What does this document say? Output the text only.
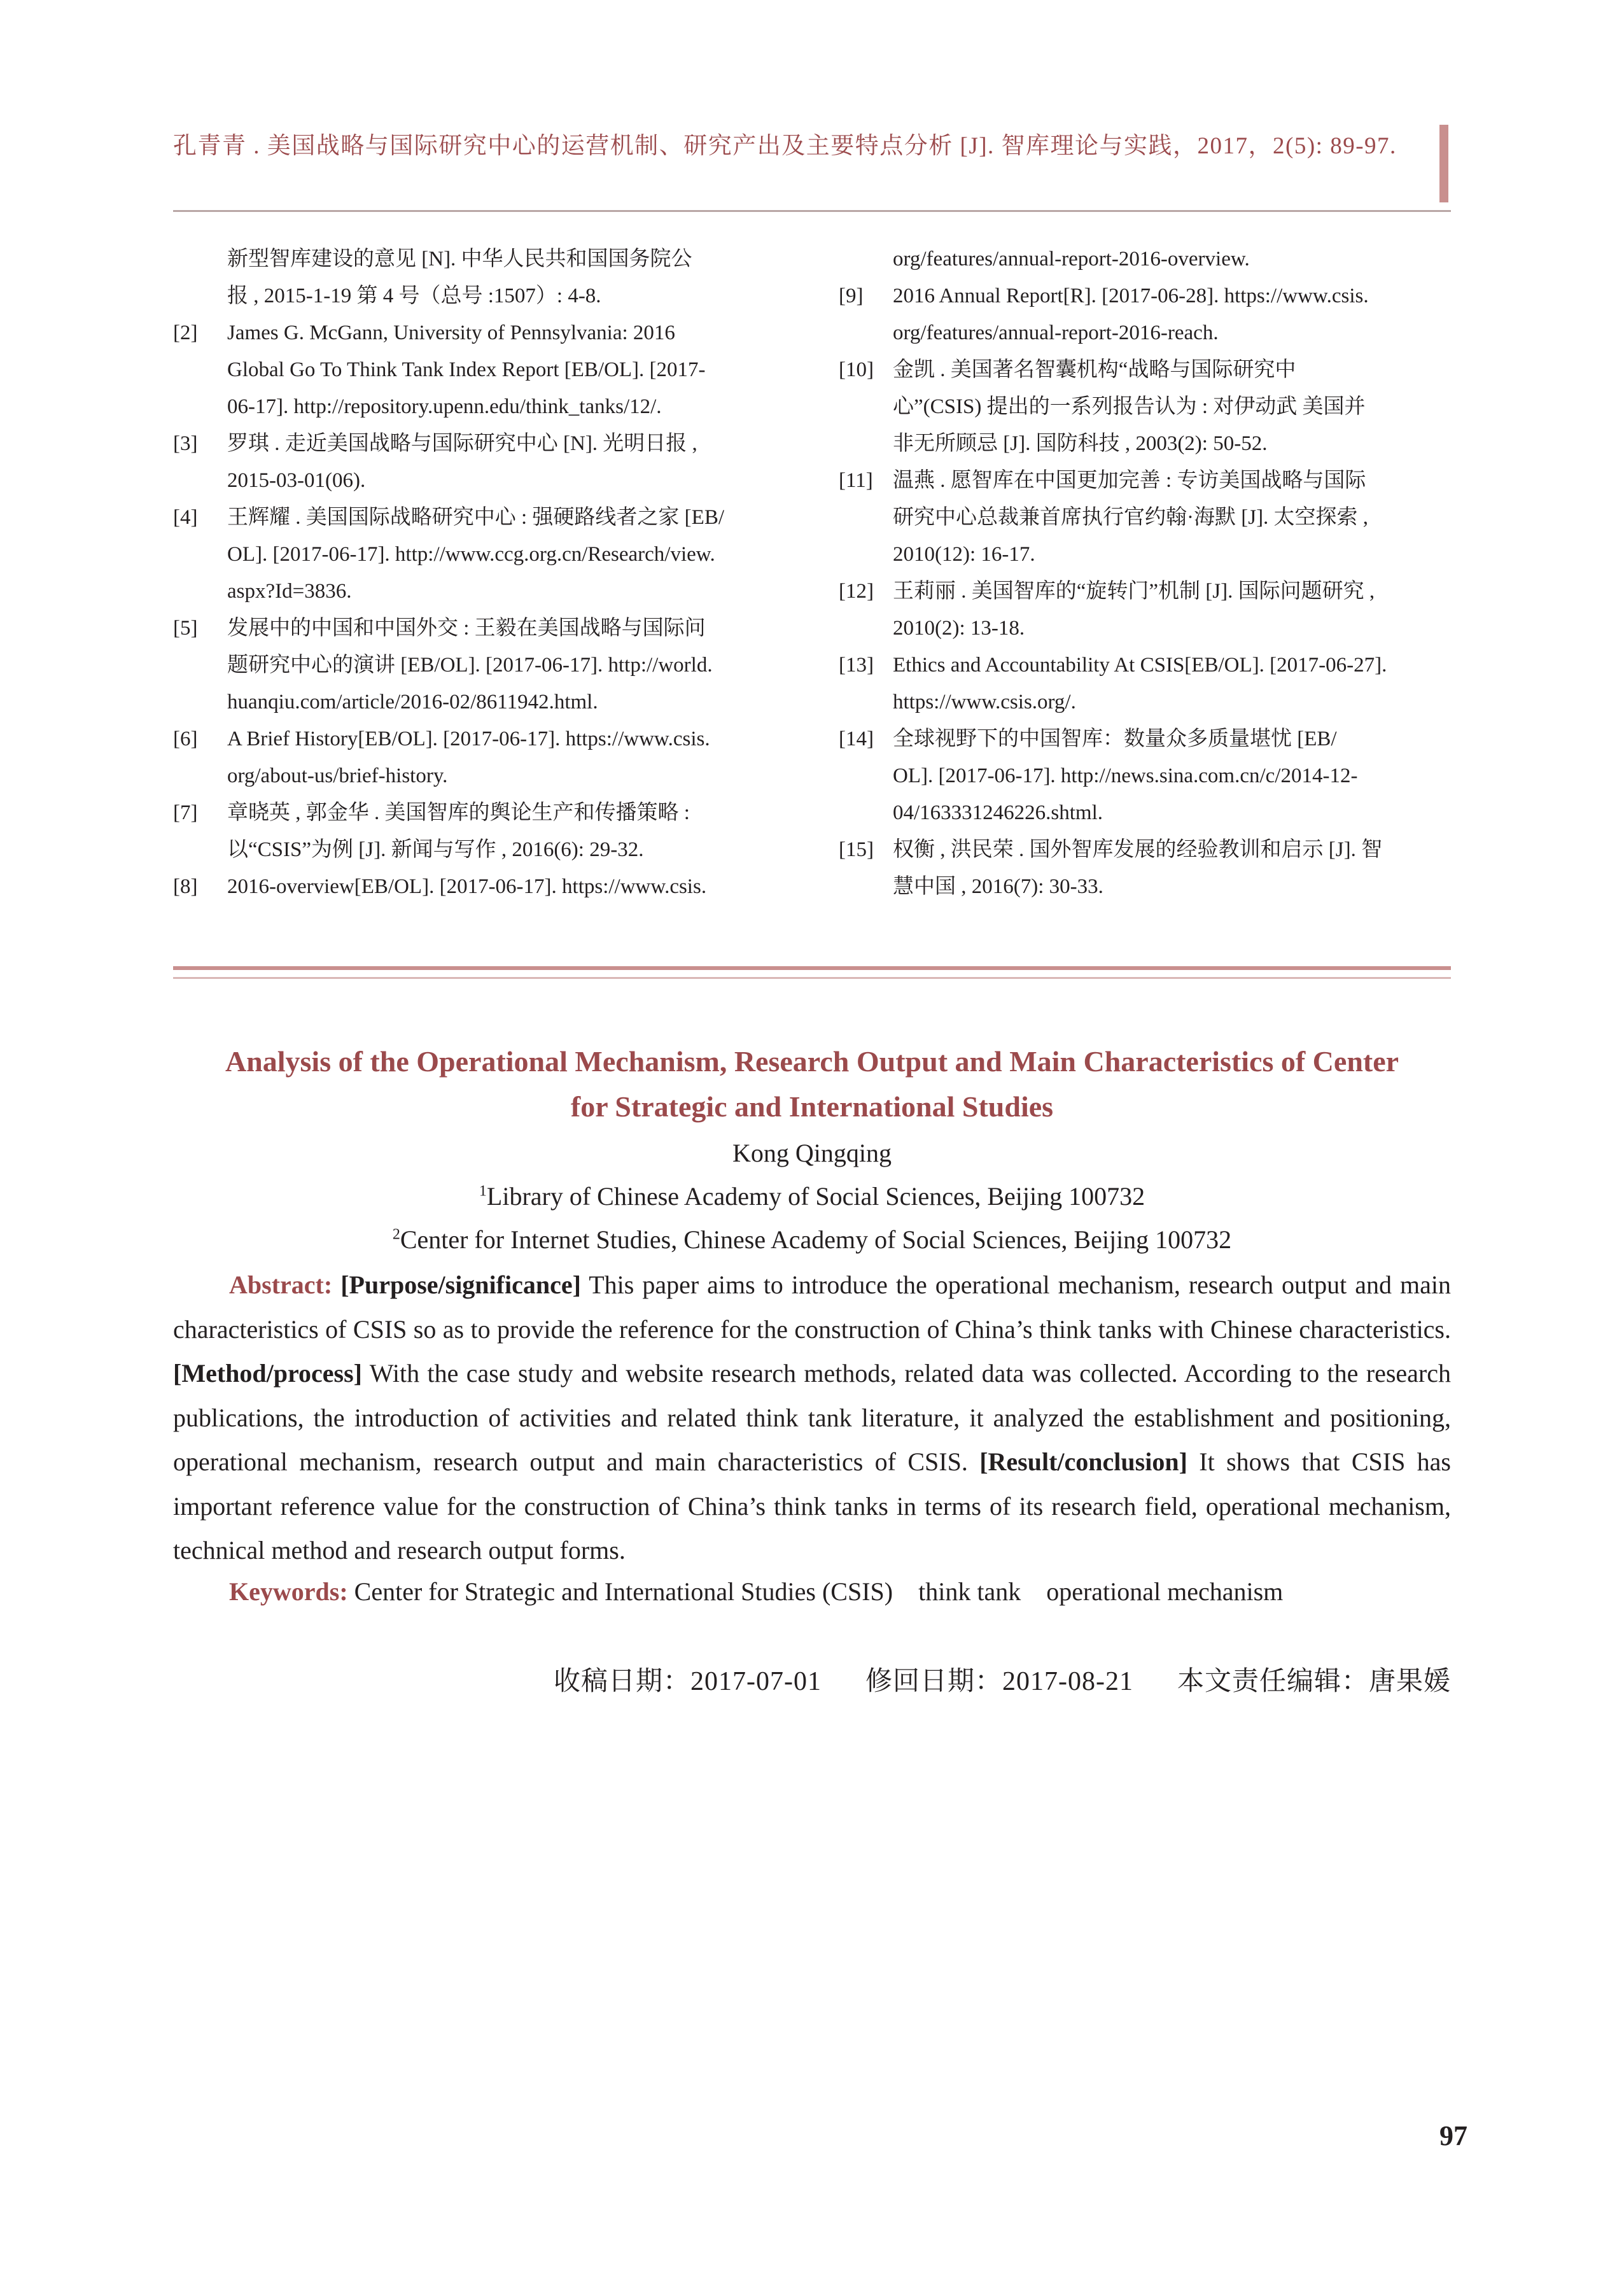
孔青青 . 美国战略与国际研究中心的运营机制、研究产出及主要特点分析 [J]. 智库理论与实践，2017，2(5): 89-97.
新型智库建设的意见 [N]. 中华人民共和国国务院公
报 , 2015-1-19 第 4 号（总号 :1507）: 4-8.
[2]	James G. McGann, University of Pennsylvania: 2016
Global Go To Think Tank Index Report [EB/OL]. [2017-
06-17]. http://repository.upenn.edu/think_tanks/12/.
[3]	罗琪 . 走近美国战略与国际研究中心 [N]. 光明日报 ,
2015-03-01(06).
[4]	王辉耀 . 美国国际战略研究中心 : 强硬路线者之家 [EB/
OL]. [2017-06-17]. http://www.ccg.org.cn/Research/view.
aspx?Id=3836.
[5]	发展中的中国和中国外交 : 王毅在美国战略与国际问
题研究中心的演讲 [EB/OL]. [2017-06-17]. http://world.
huanqiu.com/article/2016-02/8611942.html.
[6]	A Brief History[EB/OL]. [2017-06-17]. https://www.csis.
org/about-us/brief-history.
[7]	章晓英 , 郭金华 . 美国智库的舆论生产和传播策略 :
以“CSIS”为例 [J]. 新闻与写作 , 2016(6): 29-32.
[8]	2016-overview[EB/OL]. [2017-06-17]. https://www.csis.
org/features/annual-report-2016-overview.
[9]	2016 Annual Report[R]. [2017-06-28]. https://www.csis.
org/features/annual-report-2016-reach.
[10] 金凯 . 美国著名智囊机构“战略与国际研究中
心”(CSIS) 提出的一系列报告认为 : 对伊动武 美国并
非无所顾忌 [J]. 国防科技 , 2003(2): 50-52.
[11] 温燕 . 愿智库在中国更加完善 : 专访美国战略与国际
研究中心总裁兼首席执行官约翰·海默 [J]. 太空探索 ,
2010(12): 16-17.
[12] 王莉丽 . 美国智库的“旋转门”机制 [J]. 国际问题研究 ,
2010(2): 13-18.
[13] Ethics and Accountability At CSIS[EB/OL]. [2017-06-27].
https://www.csis.org/.
[14] 全球视野下的中国智库：数量众多质量堪忧 [EB/
OL]. [2017-06-17]. http://news.sina.com.cn/c/2014-12-
04/163331246226.shtml.
[15] 权衡 , 洪民荣 . 国外智库发展的经验教训和启示 [J]. 智
慧中国 , 2016(7): 30-33.
Analysis of the Operational Mechanism, Research Output and Main Characteristics of Center
for Strategic and International Studies
Kong Qingqing
$^1$Library of Chinese Academy of Social Sciences, Beijing 100732
$^2$Center for Internet Studies, Chinese Academy of Social Sciences, Beijing 100732
Abstract: [Purpose/significance] This paper aims to introduce the operational mechanism, research output and main characteristics of CSIS so as to provide the reference for the construction of China’s think tanks with Chinese characteristics. [Method/process] With the case study and website research methods, related data was collected. According to the research publications, the introduction of activities and related think tank literature, it analyzed the establishment and positioning, operational mechanism, research output and main characteristics of CSIS. [Result/conclusion] It shows that CSIS has important reference value for the construction of China’s think tanks in terms of its research field, operational mechanism, technical method and research output forms.
Keywords: Center for Strategic and International Studies (CSIS) think tank operational mechanism
收稿日期：2017-07-01 修回日期：2017-08-21 本文责任编辑：唐果媛
97
